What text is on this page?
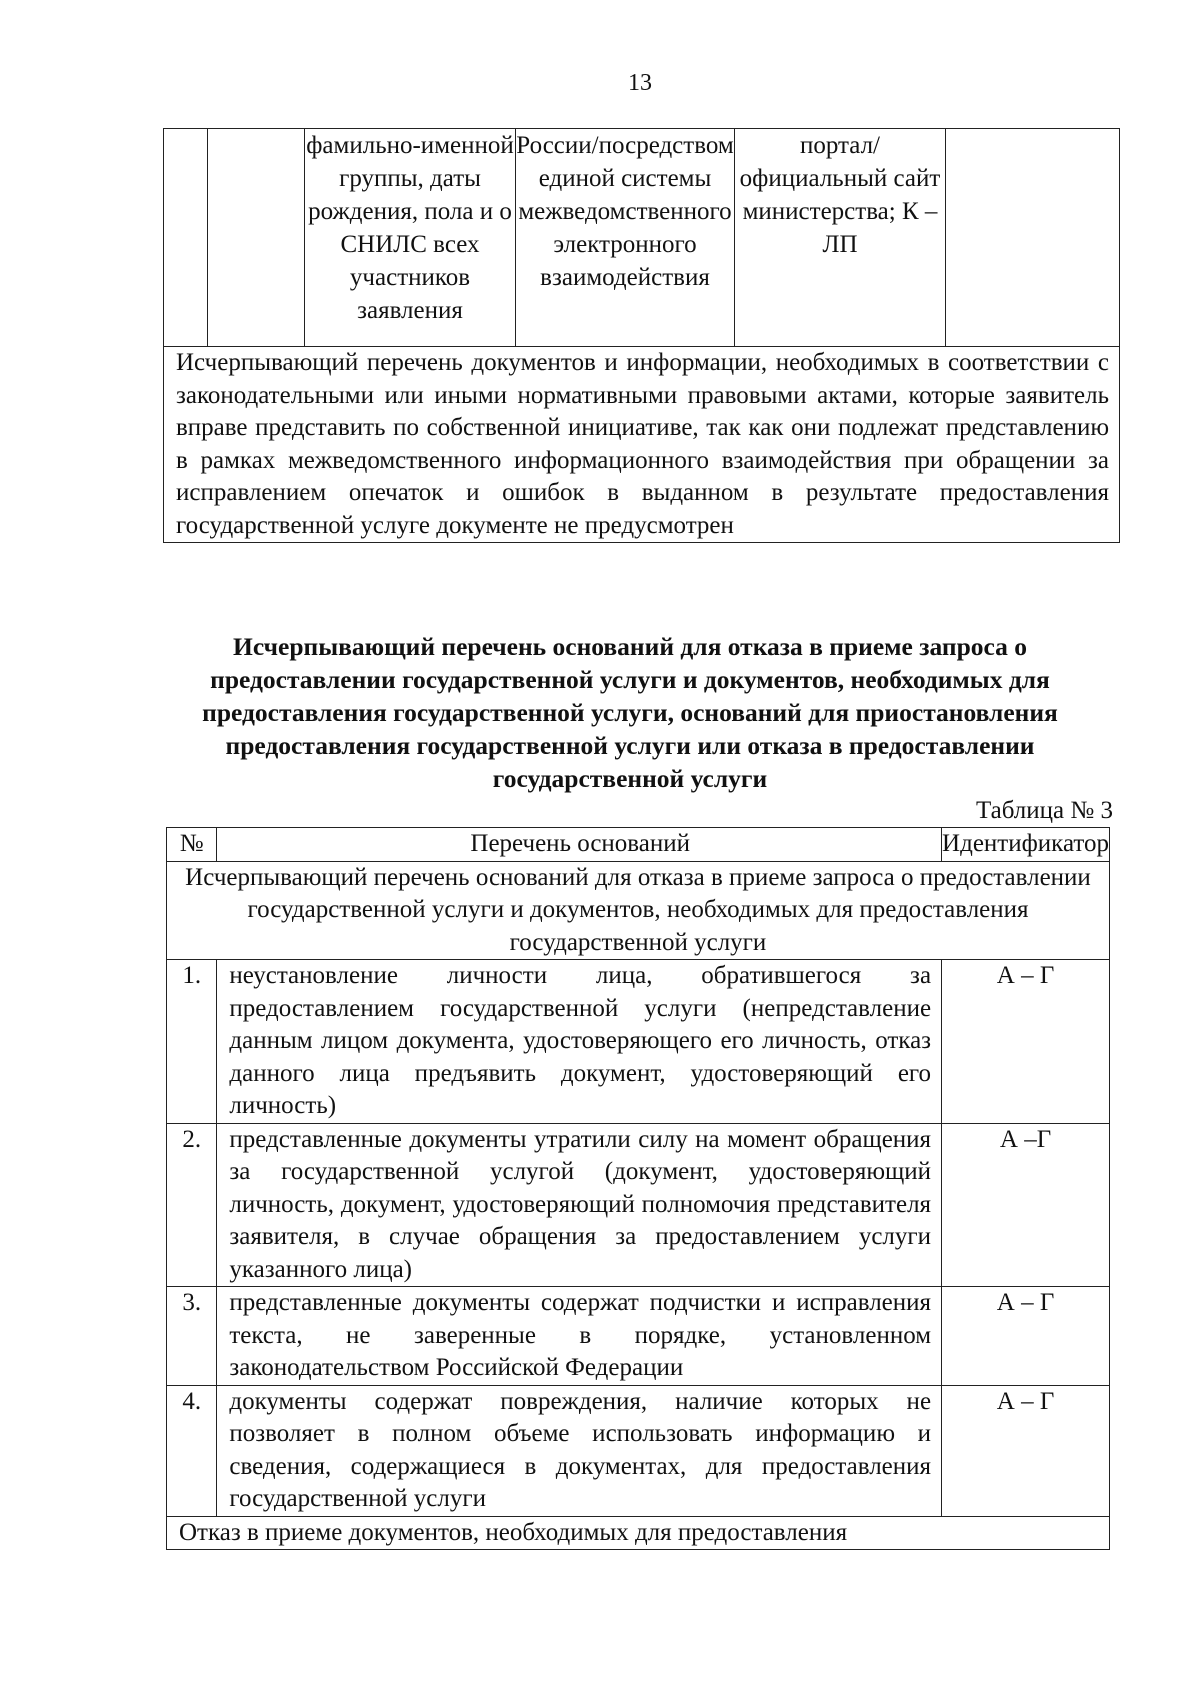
13
		фамильно-именной группы, даты рождения, пола и о СНИЛС всех участников заявления	России/посредством единой системы межведомственного электронного взаимодействия	портал/официальный сайт министерства; К – ЛП	
Исчерпывающий перечень документов и информации, необходимых в соответствии с законодательными или иными нормативными правовыми актами, которые заявитель вправе представить по собственной инициативе, так как они подлежат представлению в рамках межведомственного информационного взаимодействия при обращении за исправлением опечаток и ошибок в выданном в результате предоставления государственной услуге документе не предусмотрен
Исчерпывающий перечень оснований для отказа в приеме запроса о предоставлении государственной услуги и документов, необходимых для предоставления государственной услуги, оснований для приостановления предоставления государственной услуги или отказа в предоставлении государственной услуги
Таблица № 3
№	Перечень оснований	Идентификатор
Исчерпывающий перечень оснований для отказа в приеме запроса о предоставлении государственной услуги и документов, необходимых для предоставления государственной услуги		
1.	неустановление личности лица, обратившегося за предоставлением государственной услуги (непредставление данным лицом документа, удостоверяющего его личность, отказ данного лица предъявить документ, удостоверяющий его личность)	А – Г
2.	представленные документы утратили силу на момент обращения за государственной услугой (документ, удостоверяющий личность, документ, удостоверяющий полномочия представителя заявителя, в случае обращения за предоставлением услуги указанного лица)	А –Г
3.	представленные документы содержат подчистки и исправления текста, не заверенные в порядке, установленном законодательством Российской Федерации	А – Г
4.	документы содержат повреждения, наличие которых не позволяет в полном объеме использовать информацию и сведения, содержащиеся в документах, для предоставления государственной услуги	А – Г
Отказ в приеме документов, необходимых для предоставления		
